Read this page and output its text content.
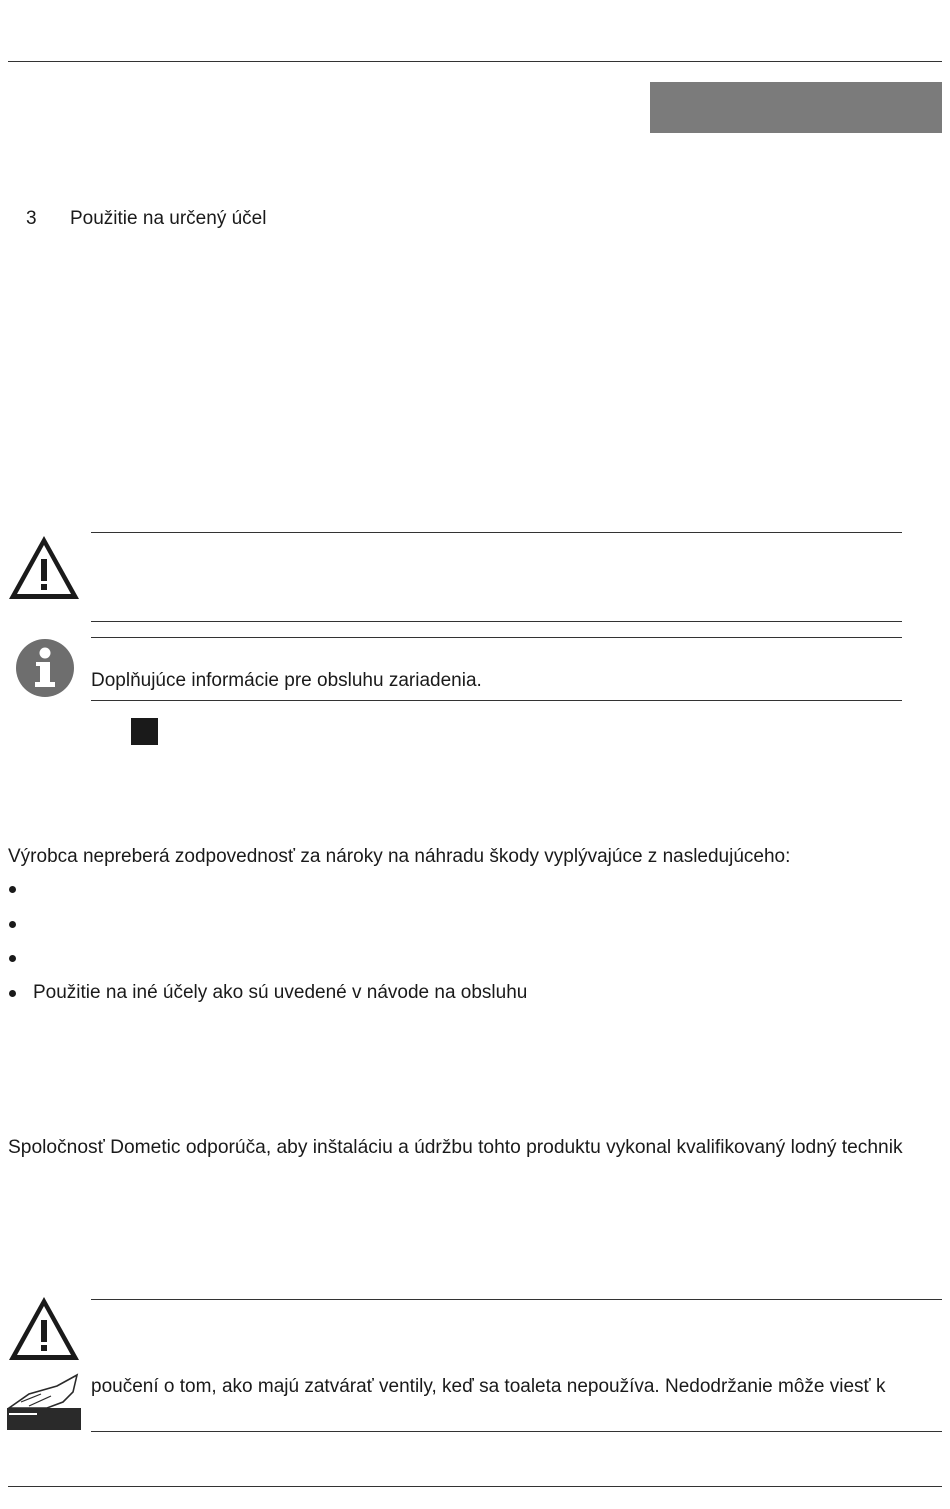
3 Použitie na určený účel
Doplňujúce informácie pre obsluhu zariadenia.
Výrobca nepreberá zodpovednosť za nároky na náhradu škody vyplývajúce z nasledujúceho:
Použitie na iné účely ako sú uvedené v návode na obsluhu
Spoločnosť Dometic odporúča, aby inštaláciu a údržbu tohto produktu vykonal kvalifikovaný lodný technik
poučení o tom, ako majú zatvárať ventily, keď sa toaleta nepoužíva. Nedodržanie môže viesť k
